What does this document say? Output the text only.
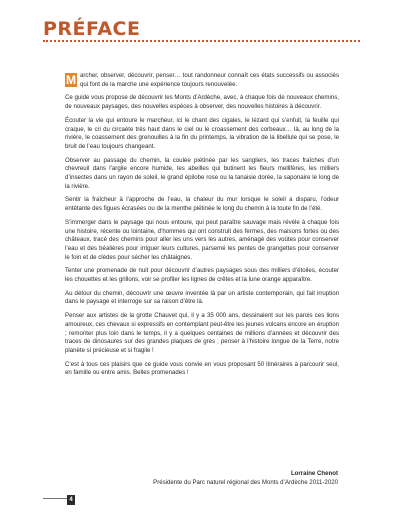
PRÉFACE

M archer, observer, découvrir, penser… tout randonneur connaît ces états successifs ou associés qui font de la marche une expérience toujours renouvelée.

Ce guide vous propose de découvrir les Monts d’Ardèche, avec, à chaque fois de nouveaux chemins, de nouveaux paysages, des nouvelles espèces à observer, des nouvelles histoires à découvrir.

Écouter la vie qui entoure le marcheur, ici le chant des cigales, le lézard qui s’enfuit, la feuille qui craque, le cri du circaète très haut dans le ciel ou le croassement des corbeaux… là, au long de la rivière, le coassement des grenouilles à la fin du printemps, la vibration de la libellule qui se pose, le bruit de l’eau toujours changeant.

Observer au passage du chemin, la coulée piétinée par les sangliers, les traces fraîches d’un chevreuil dans l’argile encore humide, les abeilles qui butinent les fleurs mellifères, les milliers d’insectes dans un rayon de soleil, le grand épilobe rose ou la tanaisie dorée, la saponaire le long de la rivière.

Sentir la fraîcheur à l’approche de l’eau, la chaleur du mur lorsque le soleil a disparu, l’odeur entêtante des figues écrasées ou de la menthe piétinée le long du chemin à la toute fin de l’été.

S’immerger dans le paysage qui nous entoure, qui peut paraître sauvage mais révèle à chaque fois une histoire, récente ou lointaine, d’hommes qui ont construit des fermes, des maisons fortes ou des châteaux, tracé des chemins pour aller les uns vers les autres, aménagé des voûtes pour conserver l’eau et des béalières pour irriguer leurs cultures, parsemé les pentes de grangettes pour conserver le foin et de clèdes pour sécher les châtaignes.

Tenter une promenade de nuit pour découvrir d’autres paysages sous des milliers d’étoiles, écouter les chouettes et les grillons, voir se profiler les lignes de crêtes et la lune orange apparaître.

Au détour du chemin, découvrir une œuvre inventée là par un artiste contemporain, qui fait irruption dans le paysage et interroge sur sa raison d’être là.

Penser aux artistes de la grotte Chauvet qui, il y a 35 000 ans, dessinaient sur les parois ces lions amoureux, ces chevaux si expressifs en contemplant peut-être les jeunes volcans encore en éruption ; remonter plus loin dans le temps, il y a quelques centaines de millions d’années et découvrir des traces de dinosaures sur des grandes plaques de grès ; penser à l’histoire longue de la Terre, notre planète si précieuse et si fragile !

C’est à tous ces plaisirs que ce guide vous convie en vous proposant 50 itinéraires à parcourir seul, en famille ou entre amis. Belles promenades !

Lorraine Chenot
Présidente du Parc naturel régional des Monts d’Ardèche 2011-2020
4
